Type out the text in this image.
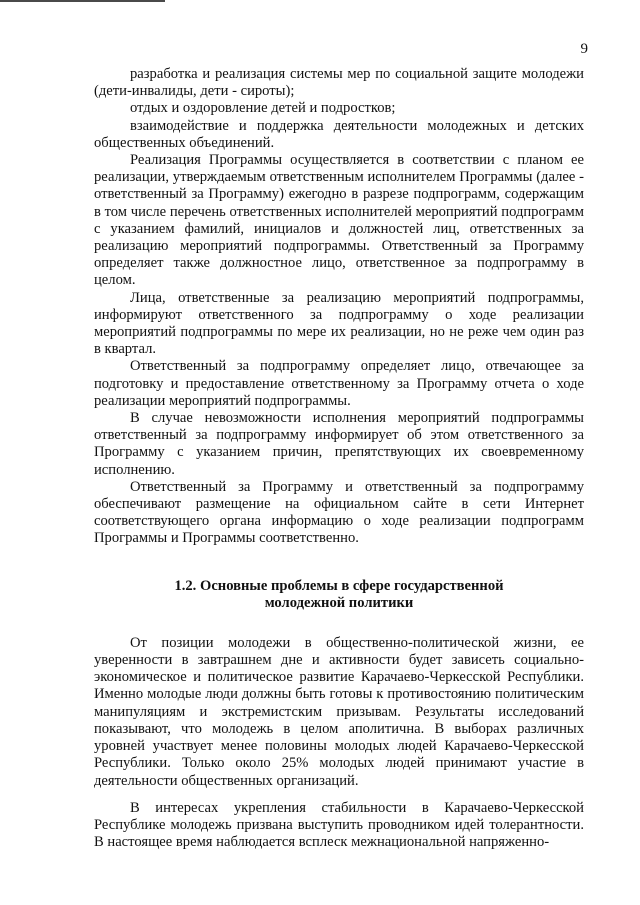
9

разработка и реализация системы мер по социальной защите молодежи (дети-инвалиды, дети - сироты);

отдых и оздоровление детей и подростков;

взаимодействие и поддержка деятельности молодежных и детских общественных объединений.

Реализация Программы осуществляется в соответствии с планом ее реализации, утверждаемым ответственным исполнителем Программы (далее - ответственный за Программу) ежегодно в разрезе подпрограмм, содержащим в том числе перечень ответственных исполнителей мероприятий подпрограмм с указанием фамилий, инициалов и должностей лиц, ответственных за реализацию мероприятий подпрограммы. Ответственный за Программу определяет также должностное лицо, ответственное за подпрограмму в целом.

Лица, ответственные за реализацию мероприятий подпрограммы, информируют ответственного за подпрограмму о ходе реализации мероприятий подпрограммы по мере их реализации, но не реже чем один раз в квартал.

Ответственный за подпрограмму определяет лицо, отвечающее за подготовку и предоставление ответственному за Программу отчета о ходе реализации мероприятий подпрограммы.

В случае невозможности исполнения мероприятий подпрограммы ответственный за подпрограмму информирует об этом ответственного за Программу с указанием причин, препятствующих их своевременному исполнению.

Ответственный за Программу и ответственный за подпрограмму обеспечивают размещение на официальном сайте в сети Интернет соответствующего органа информацию о ходе реализации подпрограмм Программы и Программы соответственно.

1.2. Основные проблемы в сфере государственной
молодежной политики

От позиции молодежи в общественно-политической жизни, ее уверенности в завтрашнем дне и активности будет зависеть социально-экономическое и политическое развитие Карачаево-Черкесской Республики. Именно молодые люди должны быть готовы к противостоянию политическим манипуляциям и экстремистским призывам. Результаты исследований показывают, что молодежь в целом аполитична. В выборах различных уровней участвует менее половины молодых людей Карачаево-Черкесской Республики. Только около 25% молодых людей принимают участие в деятельности общественных организаций.

В интересах укрепления стабильности в Карачаево-Черкесской Республике молодежь призвана выступить проводником идей толерантности. В настоящее время наблюдается всплеск межнациональной напряженно-
